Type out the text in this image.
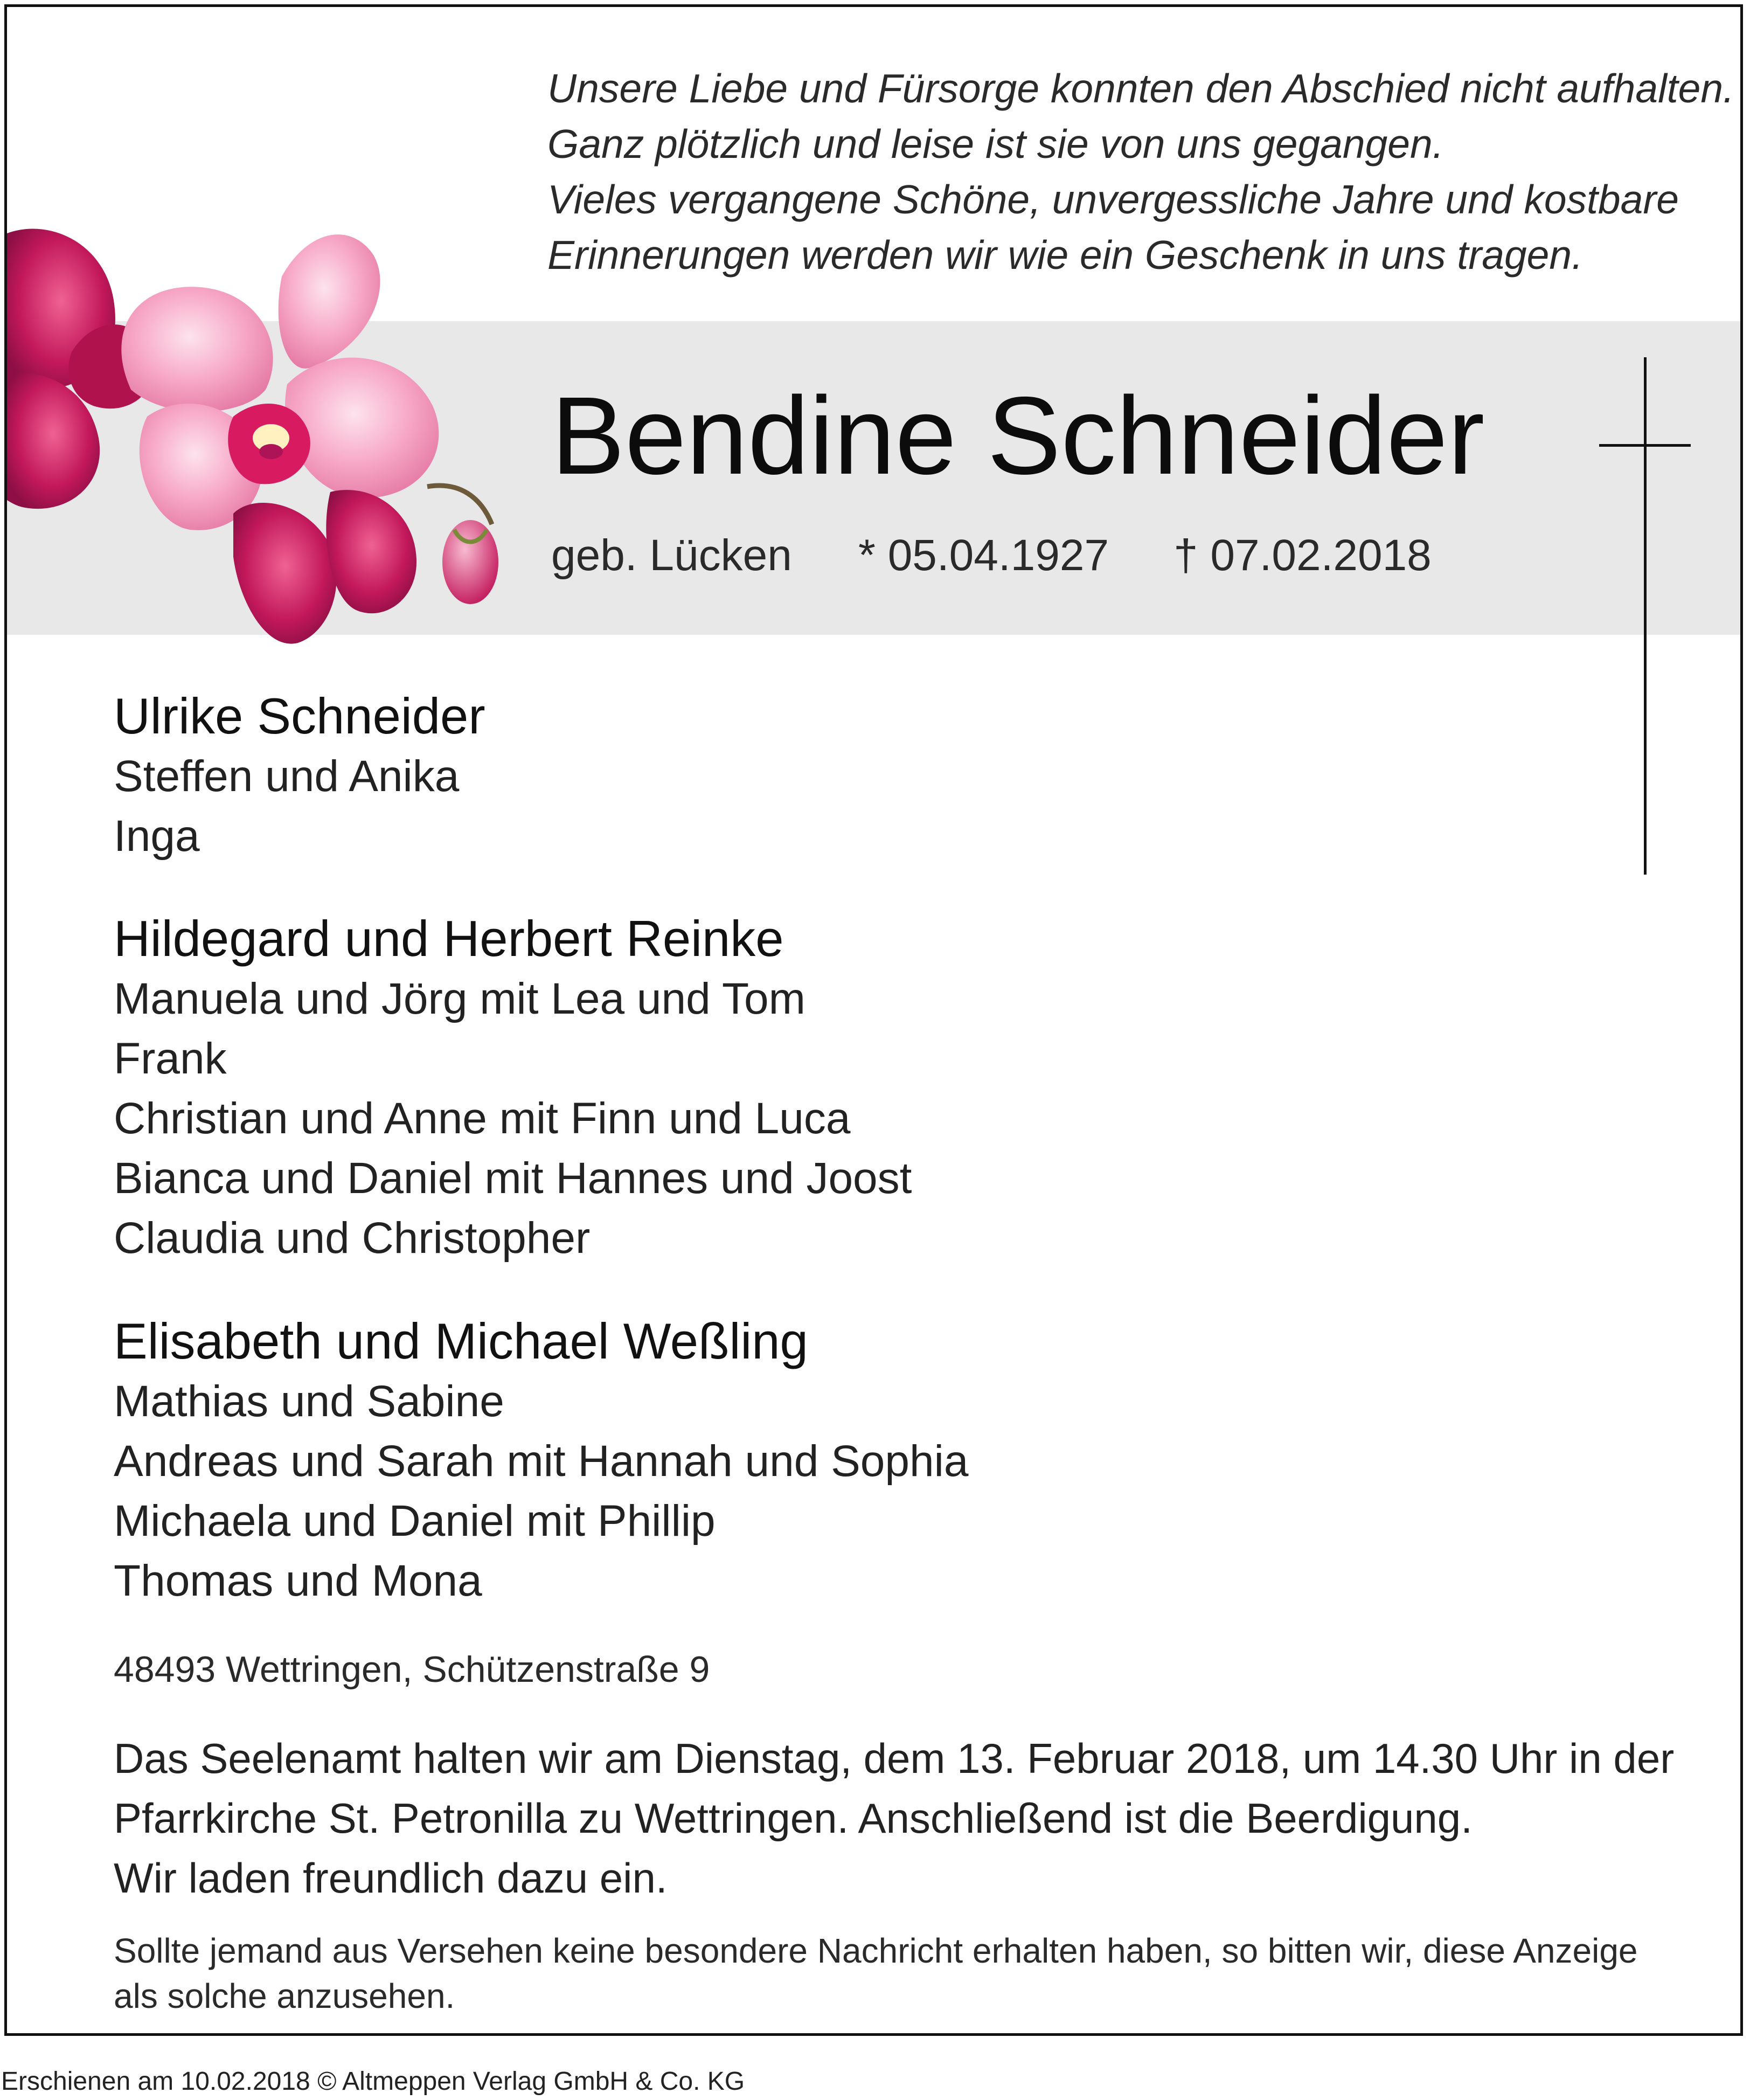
Unsere Liebe und Fürsorge konnten den Abschied nicht aufhalten.
Ganz plötzlich und leise ist sie von uns gegangen.
Vieles vergangene Schöne, unvergessliche Jahre und kostbare
Erinnerungen werden wir wie ein Geschenk in uns tragen.

Bendine Schneider
geb. Lücken * 05.04.1927 † 07.02.2018
Ulrike Schneider
Steffen und Anika
Inga
Hildegard und Herbert Reinke
Manuela und Jörg mit Lea und Tom
Frank
Christian und Anne mit Finn und Luca
Bianca und Daniel mit Hannes und Joost
Claudia und Christopher
Elisabeth und Michael Weßling
Mathias und Sabine
Andreas und Sarah mit Hannah und Sophia
Michaela und Daniel mit Phillip
Thomas und Mona
48493 Wettringen, Schützenstraße 9

Das Seelenamt halten wir am Dienstag, dem 13. Februar 2018, um 14.30 Uhr in der
Pfarrkirche St. Petronilla zu Wettringen. Anschließend ist die Beerdigung.
Wir laden freundlich dazu ein.

Sollte jemand aus Versehen keine besondere Nachricht erhalten haben, so bitten wir, diese Anzeige
als solche anzusehen.

Erschienen am 10.02.2018 © Altmeppen Verlag GmbH & Co. KG
